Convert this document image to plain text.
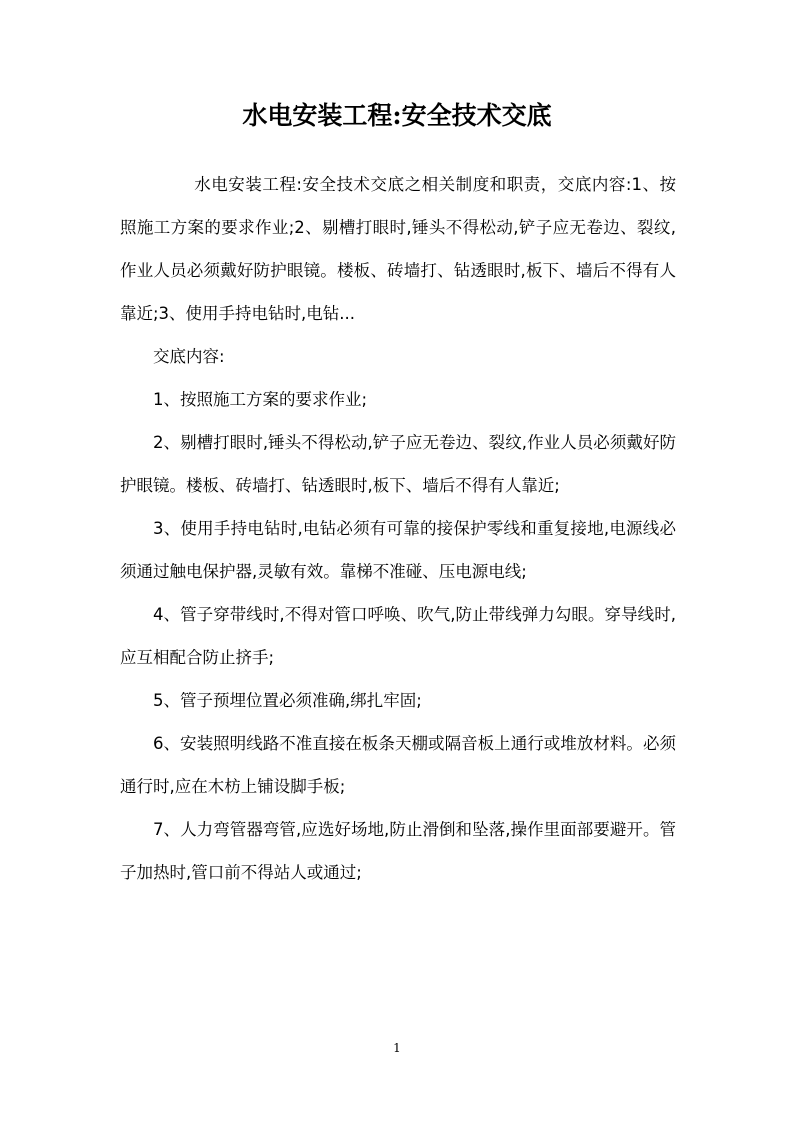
水电安装工程:安全技术交底

水电安装工程:安全技术交底之相关制度和职责，交底内容:1、按照施工方案的要求作业;2、剔槽打眼时,锤头不得松动,铲子应无卷边、裂纹,作业人员必须戴好防护眼镜。楼板、砖墙打、钻透眼时,板下、墙后不得有人靠近;3、使用手持电钻时,电钻...

交底内容:

1、按照施工方案的要求作业;

2、剔槽打眼时,锤头不得松动,铲子应无卷边、裂纹,作业人员必须戴好防护眼镜。楼板、砖墙打、钻透眼时,板下、墙后不得有人靠近;

3、使用手持电钻时,电钻必须有可靠的接保护零线和重复接地,电源线必须通过触电保护器,灵敏有效。靠梯不准碰、压电源电线;

4、管子穿带线时,不得对管口呼唤、吹气,防止带线弹力勾眼。穿导线时,应互相配合防止挤手;

5、管子预埋位置必须准确,绑扎牢固;

6、安装照明线路不准直接在板条天棚或隔音板上通行或堆放材料。必须通行时,应在木枋上铺设脚手板;

7、人力弯管器弯管,应选好场地,防止滑倒和坠落,操作里面部要避开。管子加热时,管口前不得站人或通过;

1
